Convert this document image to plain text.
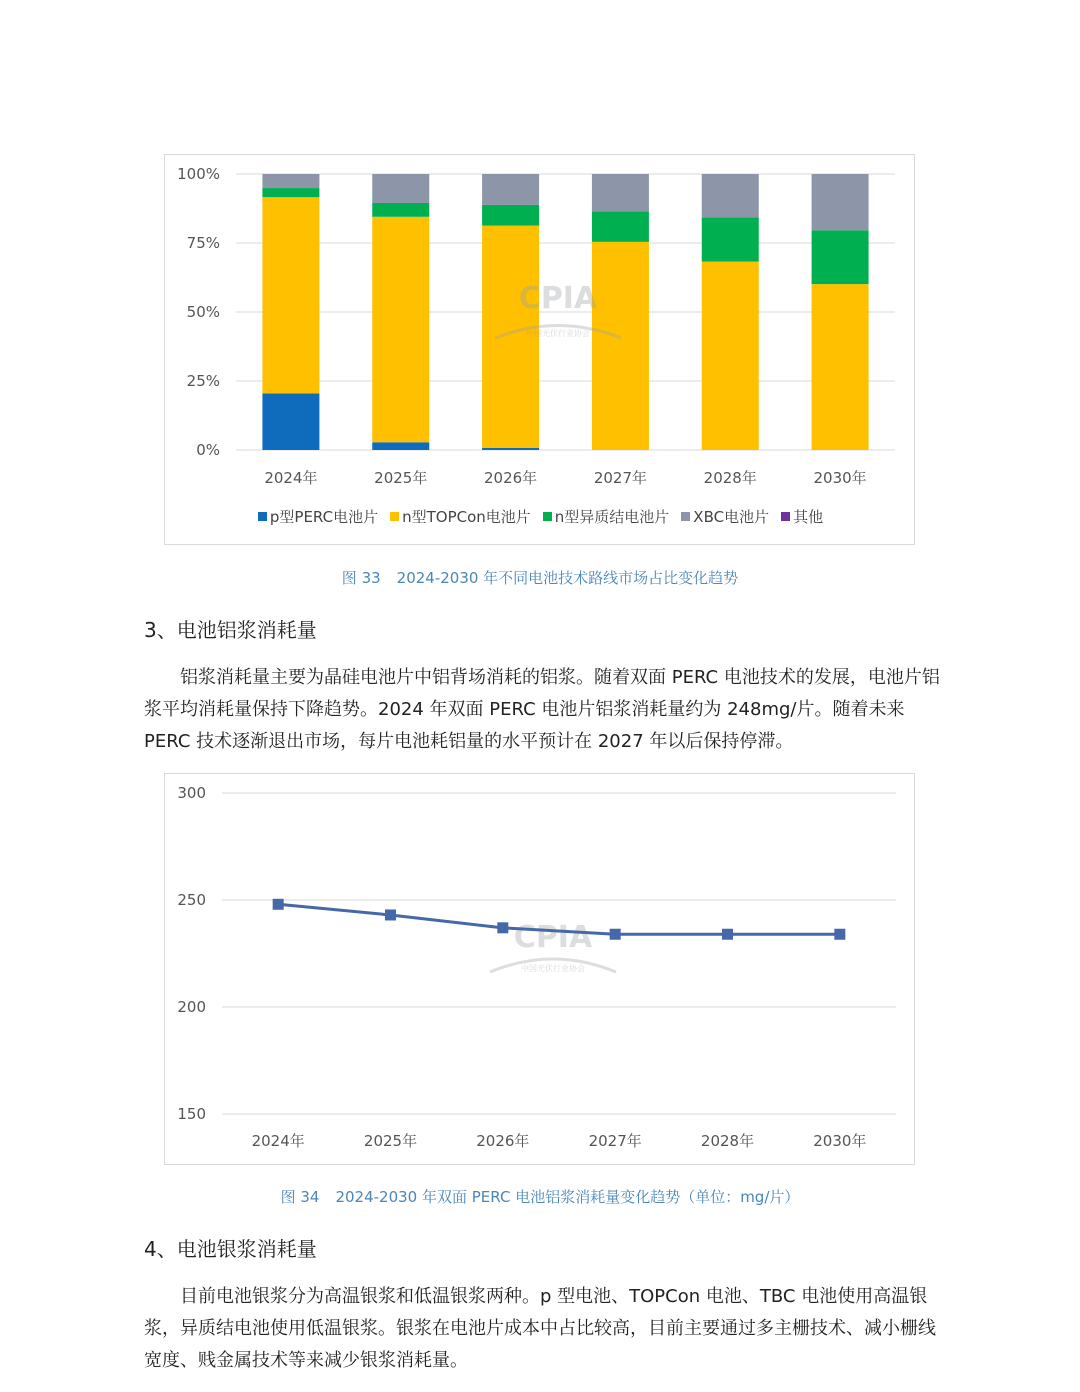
0%
25%
50%
75%
100%
CPIA
中国光伏行业协会
2024年	2025年	2026年	2027年	2028年	2030年
p型PERC电池片 n型TOPCon电池片 n型异质结电池片 XBC电池片 其他
图 33 2024-2030 年不同电池技术路线市场占比变化趋势
3、电池铝浆消耗量

铝浆消耗量主要为晶硅电池片中铝背场消耗的铝浆。随着双面 PERC 电池技术的发展，电池片铝浆平均消耗量保持下降趋势。2024 年双面 PERC 电池片铝浆消耗量约为 248mg/片。随着未来 PERC 技术逐渐退出市场，每片电池耗铝量的水平预计在 2027 年以后保持停滞。

150
200
250
300
CPIA
中国光伏行业协会
2024年	2025年	2026年	2027年	2028年	2030年
图 34 2024-2030 年双面 PERC 电池铝浆消耗量变化趋势（单位：mg/片）
4、电池银浆消耗量

目前电池银浆分为高温银浆和低温银浆两种。p 型电池、TOPCon 电池、TBC 电池使用高温银浆，异质结电池使用低温银浆。银浆在电池片成本中占比较高，目前主要通过多主栅技术、减小栅线宽度、贱金属技术等来减少银浆消耗量。
